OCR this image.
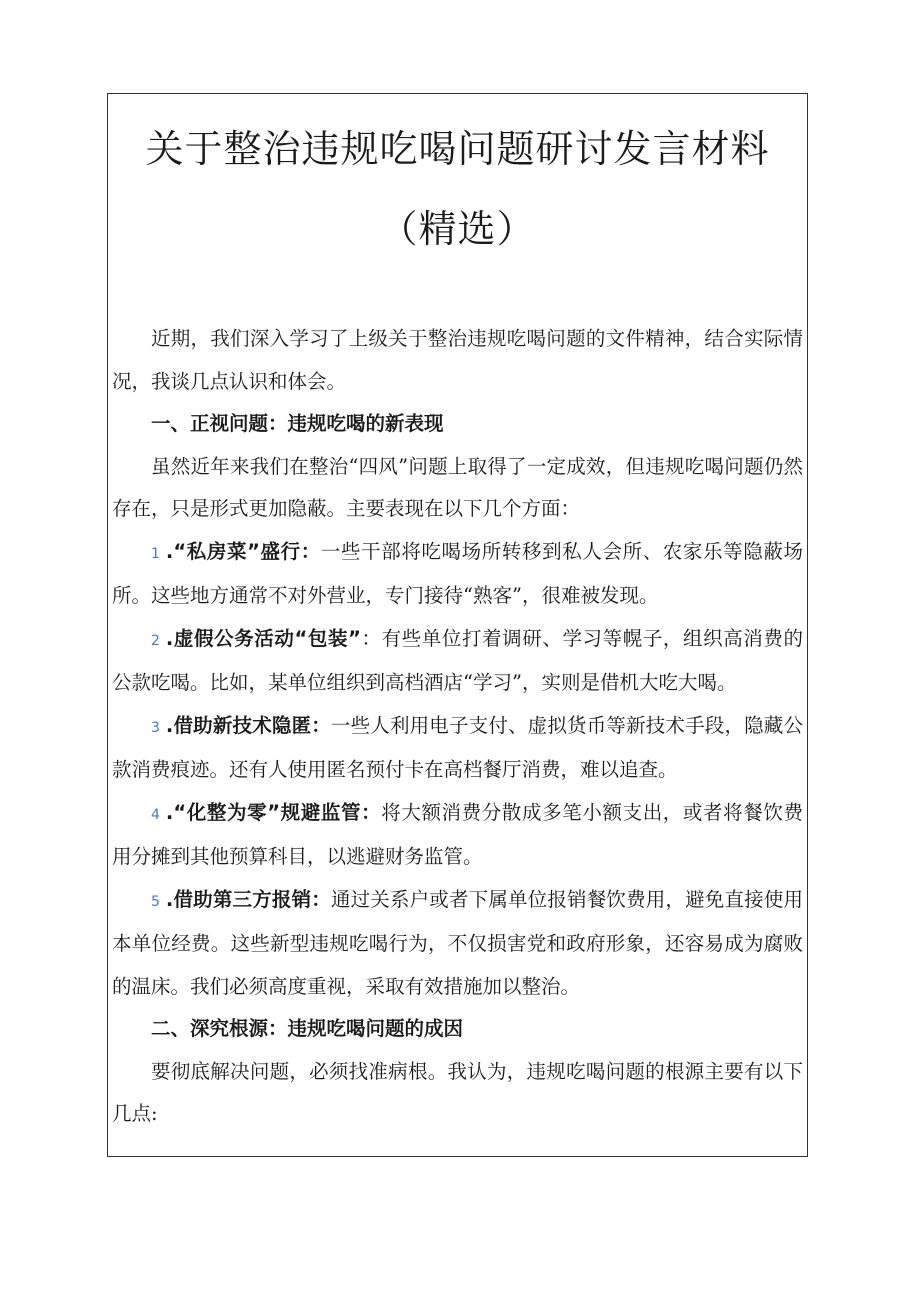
关于整治违规吃喝问题研讨发言材料
（精选）

近期，我们深入学习了上级关于整治违规吃喝问题的文件精神，结合实际情况，我谈几点认识和体会。

一、正视问题：违规吃喝的新表现

虽然近年来我们在整治“四风”问题上取得了一定成效，但违规吃喝问题仍然存在，只是形式更加隐蔽。主要表现在以下几个方面：

1 .“私房菜”盛行：一些干部将吃喝场所转移到私人会所、农家乐等隐蔽场所。这些地方通常不对外营业，专门接待“熟客”，很难被发现。

2 .虚假公务活动“包装”：有些单位打着调研、学习等幌子，组织高消费的公款吃喝。比如，某单位组织到高档酒店“学习”，实则是借机大吃大喝。

3 .借助新技术隐匿：一些人利用电子支付、虚拟货币等新技术手段，隐藏公款消费痕迹。还有人使用匿名预付卡在高档餐厅消费，难以追查。

4 .“化整为零”规避监管：将大额消费分散成多笔小额支出，或者将餐饮费用分摊到其他预算科目，以逃避财务监管。

5 .借助第三方报销：通过关系户或者下属单位报销餐饮费用，避免直接使用本单位经费。这些新型违规吃喝行为，不仅损害党和政府形象，还容易成为腐败的温床。我们必须高度重视，采取有效措施加以整治。

二、深究根源：违规吃喝问题的成因

要彻底解决问题，必须找准病根。我认为，违规吃喝问题的根源主要有以下几点:
